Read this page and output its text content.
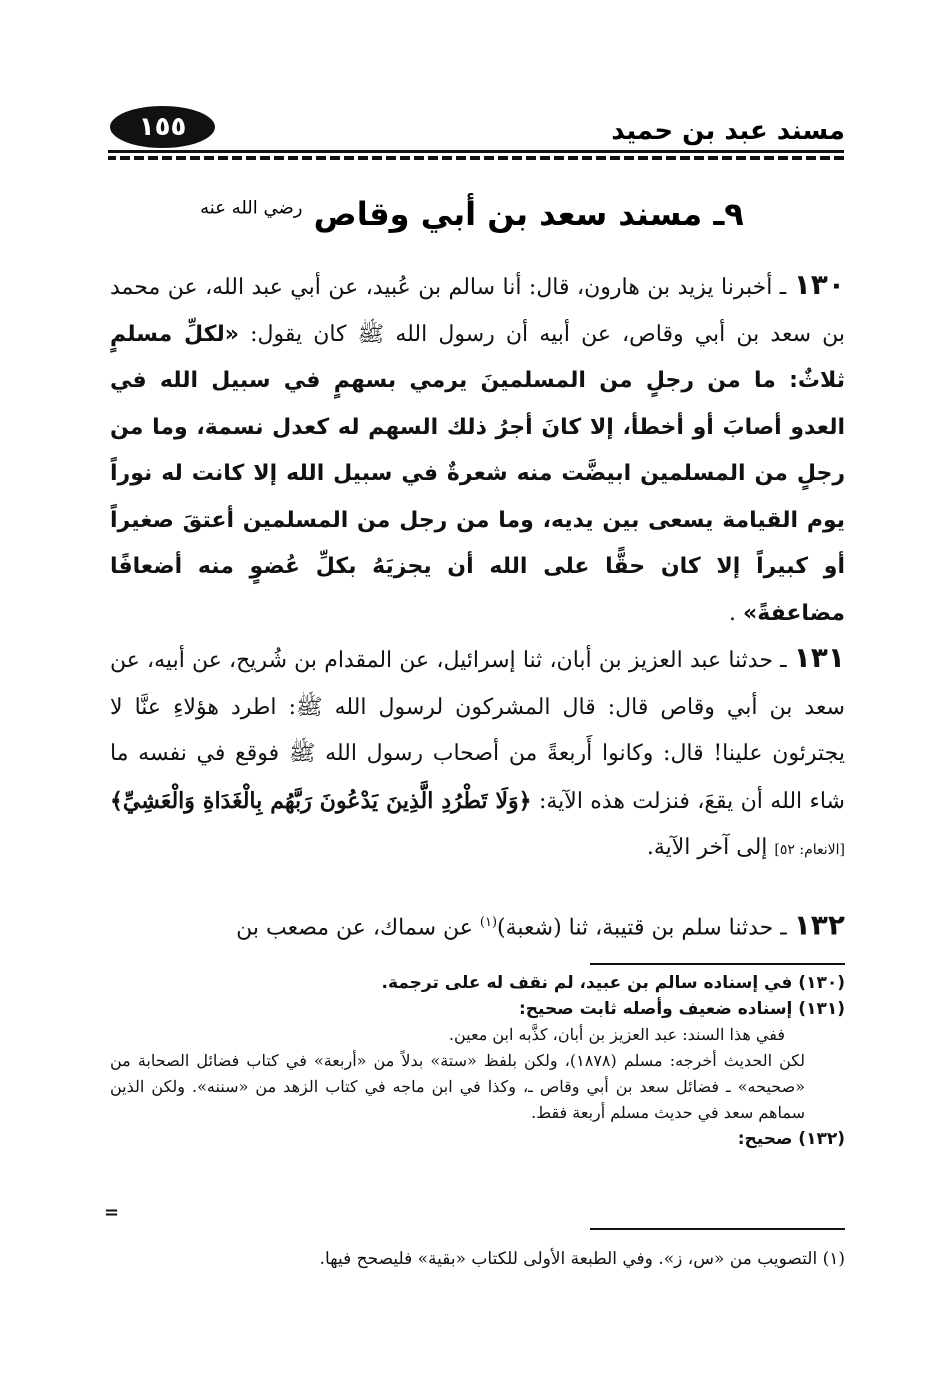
مسند عبد بن حميد
١٥٥
٩ـ مسند سعد بن أبي وقاص $^{رضي الله عنه}$
١٣٠ ـ أخبرنا يزيد بن هارون، قال: أنا سالم بن عُبيد، عن أبي عبد الله، عن محمد بن سعد بن أبي وقاص، عن أبيه أن رسول الله ﷺ كان يقول: «لكلِّ مسلمٍ ثلاثٌ: ما من رجلٍ من المسلمينَ يرمي بسهمٍ في سبيل الله في العدو أصابَ أو أخطأ، إلا كانَ أجرُ ذلك السهم له كعدل نسمة، وما من رجلٍ من المسلمين ابيضَّت منه شعرةٌ في سبيل الله إلا كانت له نوراً يوم القيامة يسعى بين يديه، وما من رجل من المسلمين أعتقَ صغيراً أو كبيراً إلا كان حقًّا على الله أن يجزيَهُ بكلِّ عُضوٍ منه أضعافًا مضاعفةً» .
١٣١ ـ حدثنا عبد العزيز بن أبان، ثنا إسرائيل، عن المقدام بن شُريح، عن أبيه، عن سعد بن أبي وقاص قال: قال المشركون لرسول الله ﷺ: اطرد هؤلاءِ عنَّا لا يجترئون علينا! قال: وكانوا أَربعةً من أصحاب رسول الله ﷺ فوقع في نفسه ما شاء الله أن يقعَ، فنزلت هذه الآية: ﴿وَلَا تَطْرُدِ الَّذِينَ يَدْعُونَ رَبَّهُم بِالْغَدَاةِ وَالْعَشِيِّ﴾ [الانعام: ٥٢] إلى آخر الآية.
١٣٢ ـ حدثنا سلم بن قتيبة، ثنا (شعبة)$^{(١)}$ عن سماك، عن مصعب بن

(١٣٠) في إسناده سالم بن عبيد، لم نقف له على ترجمة.

(١٣١) إسناده ضعيف وأصله ثابت صحيح:

ففي هذا السند: عبد العزيز بن أبان، كذَّبه ابن معين.

لكن الحديث أخرجه: مسلم (١٨٧٨)، ولكن بلفظ «ستة» بدلاً من «أربعة» في كتاب فضائل الصحابة من «صحيحه» ـ فضائل سعد بن أبي وقاص ـ، وكذا في ابن ماجه في كتاب الزهد من «سننه». ولكن الذين سماهم سعد في حديث مسلم أربعة فقط.

(١٣٢) صحيح:

=
(١) التصويب من «س، ز». وفي الطبعة الأولى للكتاب «بقية» فليصحح فيها.
